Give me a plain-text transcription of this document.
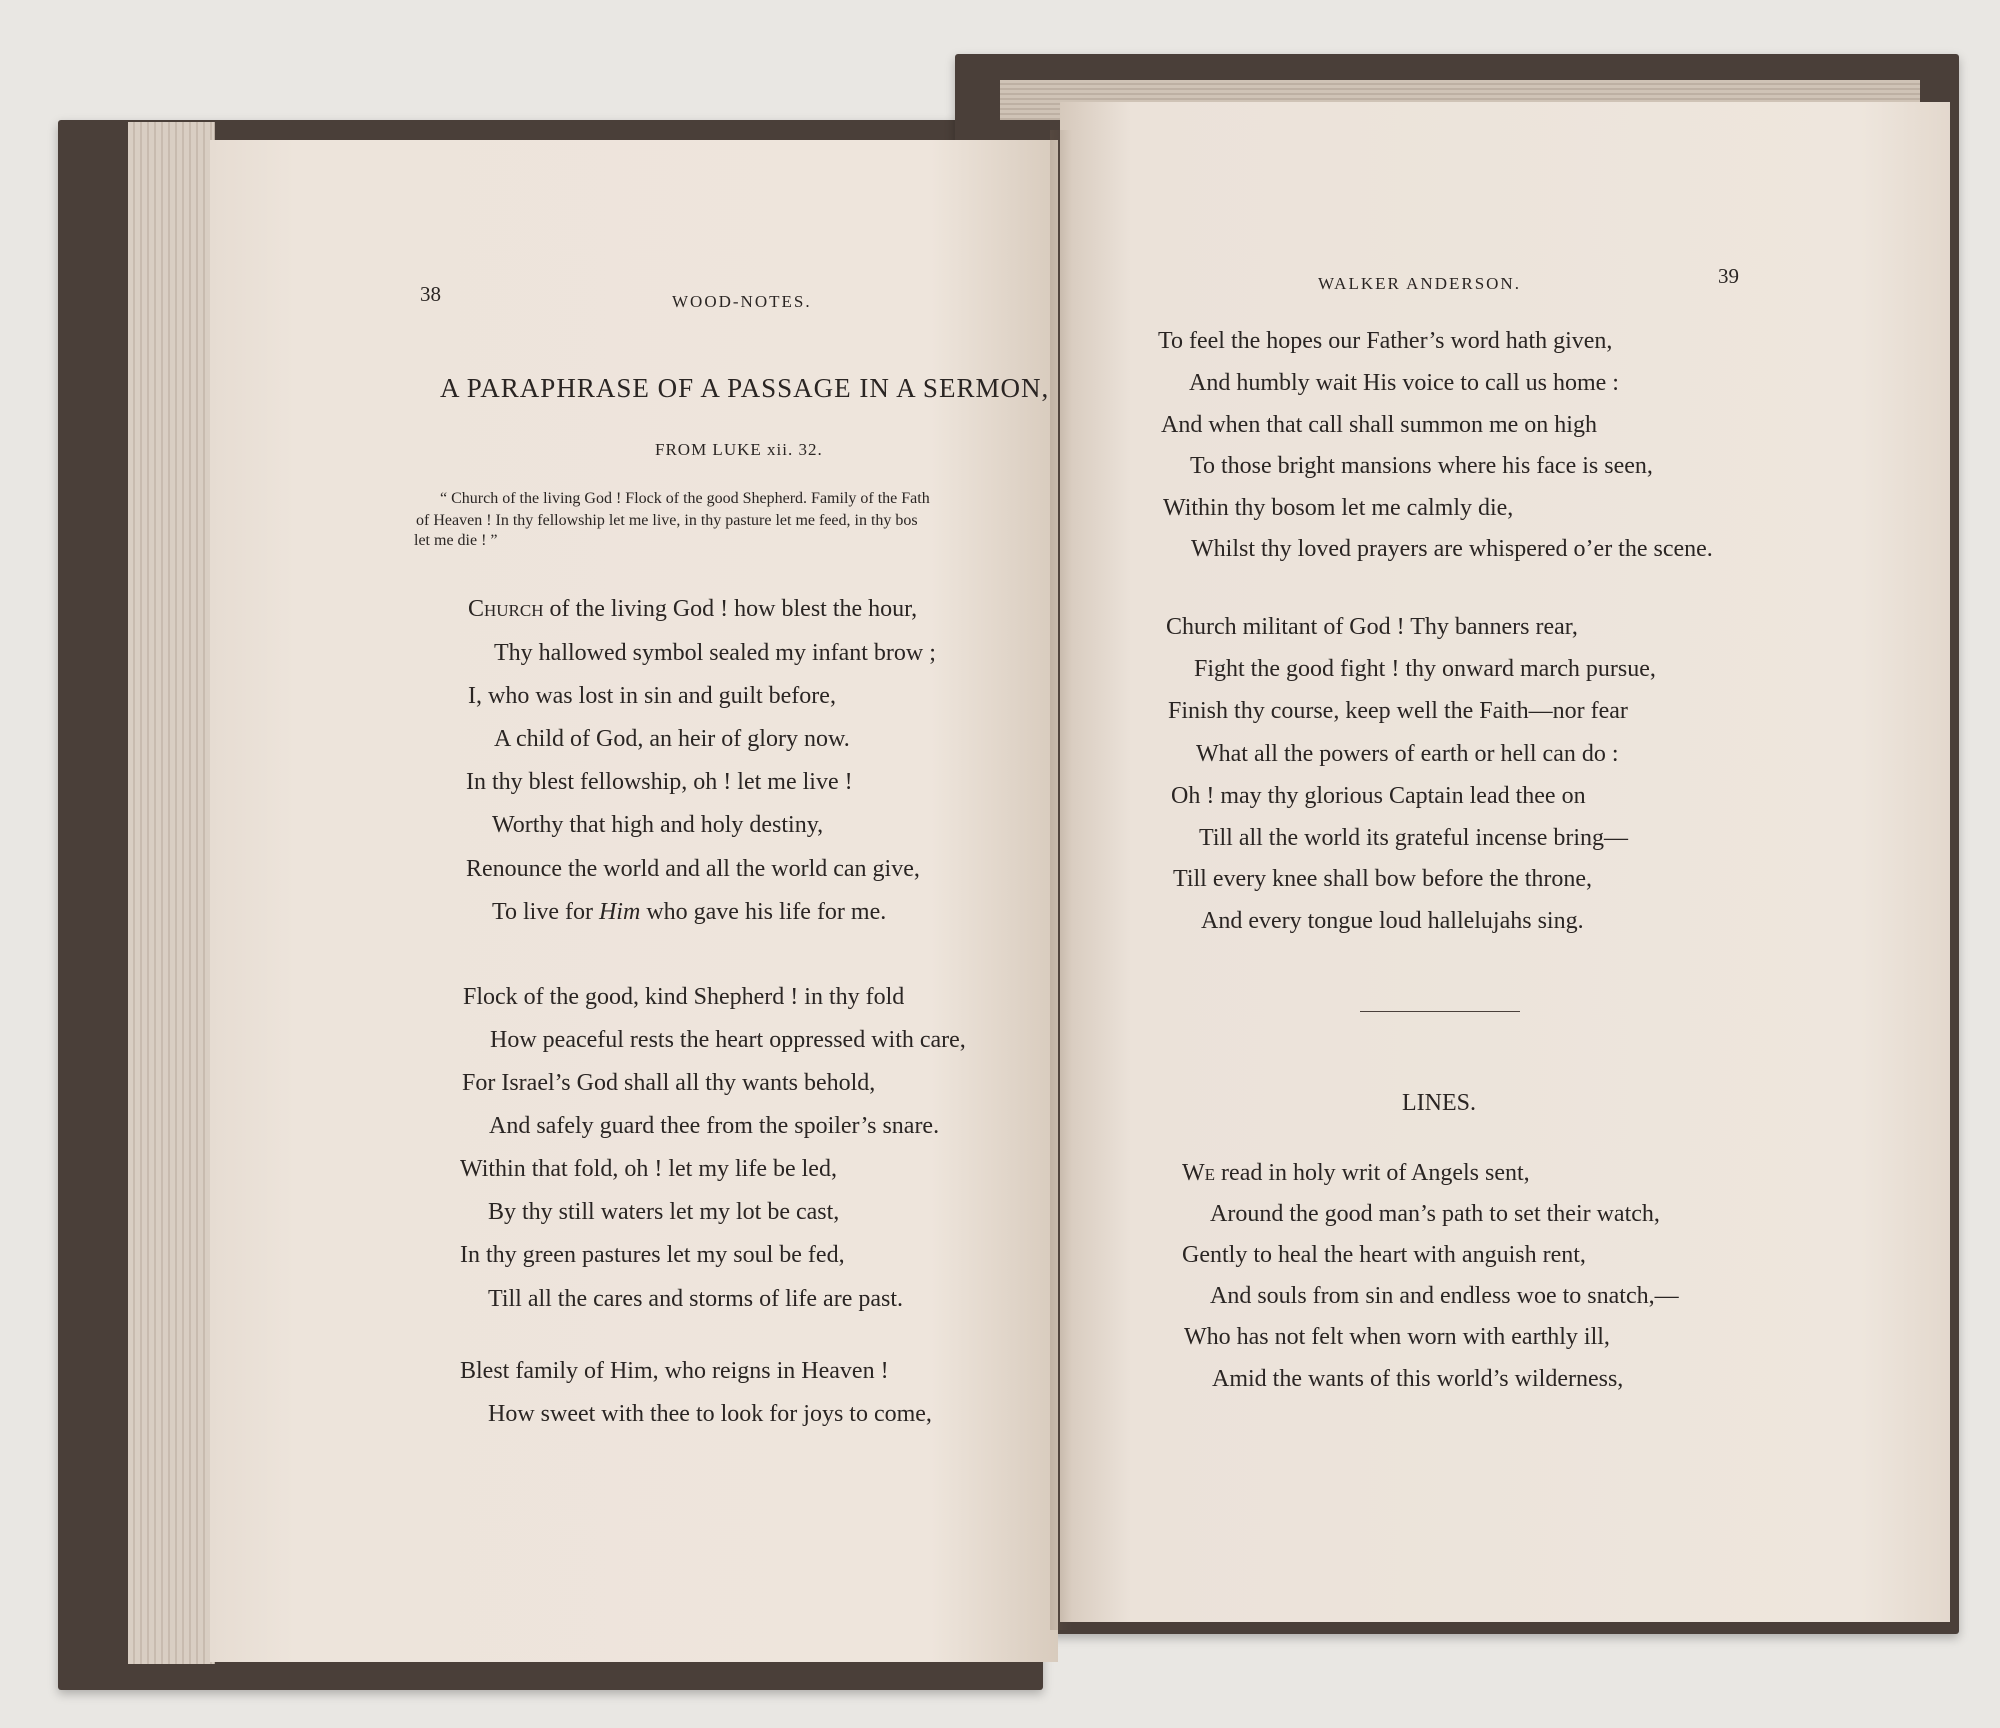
38	WOOD-NOTES.
A PARAPHRASE OF A PASSAGE IN A SERMON,
FROM LUKE xii. 32.
“ Church of the living God ! Flock of the good Shepherd. Family of the Fath
of Heaven ! In thy fellowship let me live, in thy pasture let me feed, in thy bos
let me die ! ”
Church of the living God ! how blest the hour,
Thy hallowed symbol sealed my infant brow ;
I, who was lost in sin and guilt before,
A child of God, an heir of glory now.
In thy blest fellowship, oh ! let me live !
Worthy that high and holy destiny,
Renounce the world and all the world can give,
To live for Him who gave his life for me.
Flock of the good, kind Shepherd ! in thy fold
How peaceful rests the heart oppressed with care,
For Israel’s God shall all thy wants behold,
And safely guard thee from the spoiler’s snare.
Within that fold, oh ! let my life be led,
By thy still waters let my lot be cast,
In thy green pastures let my soul be fed,
Till all the cares and storms of life are past.
Blest family of Him, who reigns in Heaven !
How sweet with thee to look for joys to come,
WALKER ANDERSON.	39
To feel the hopes our Father’s word hath given,
And humbly wait His voice to call us home :
And when that call shall summon me on high
To those bright mansions where his face is seen,
Within thy bosom let me calmly die,
Whilst thy loved prayers are whispered o’er the scene.
Church militant of God ! Thy banners rear,
Fight the good fight ! thy onward march pursue,
Finish thy course, keep well the Faith—nor fear
What all the powers of earth or hell can do :
Oh ! may thy glorious Captain lead thee on
Till all the world its grateful incense bring—
Till every knee shall bow before the throne,
And every tongue loud hallelujahs sing.
LINES.
We read in holy writ of Angels sent,
Around the good man’s path to set their watch,
Gently to heal the heart with anguish rent,
And souls from sin and endless woe to snatch,—
Who has not felt when worn with earthly ill,
Amid the wants of this world’s wilderness,
